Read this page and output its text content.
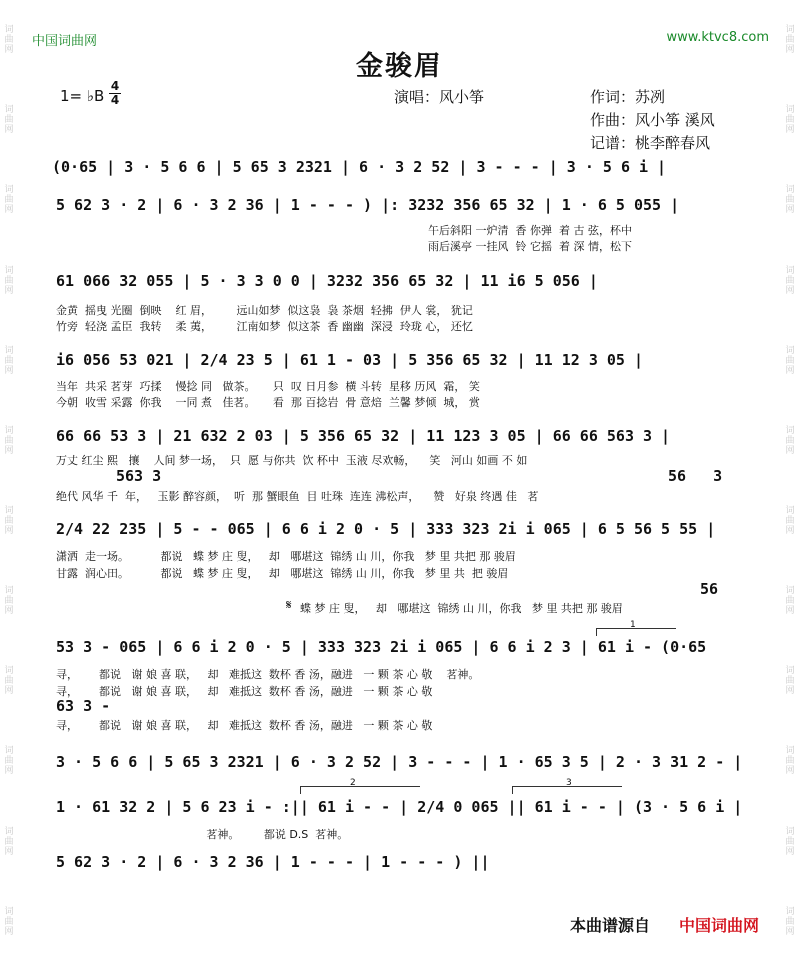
词
曲
网
词
曲
网
词
曲
网
词
曲
网
词
曲
网
词
曲
网
词
曲
网
词
曲
网
词
曲
网
词
曲
网
词
曲
网
词
曲
网
词
曲
网
词
曲
网
词
曲
网
词
曲
网
词
曲
网
词
曲
网
词
曲
网
词
曲
网
词
曲
网
词
曲
网
词
曲
网
词
曲
网
中国词曲网	www.ktvc8.com
金骏眉
1= ♭B
4
4	演唱：风小筝	作词：苏冽
作曲：风小筝 溪风
记谱：桃李醉春风
(0·65 | 3 · 5 6 6 | 5 65 3 2321 | 6 · 3 2 52 | 3 - - - | 3 · 5 6 i |
5 62 3 · 2 | 6 · 3 2 36 | 1 - - - ) |: 3232 356 65 32 | 1 · 6 5 055 |
午后斜阳 一炉清  香 你弹  着 古 弦，杯中
雨后溪亭 一挂风  铃 它摇  着 深 情，松下
61 066 32 055 | 5 · 3 3 0 0 | 3232 356 65 32 | 11 i6 5 056 |
金黄  摇曳 光圈  倒映    红 眉，       远山如梦  似这袅  袅 茶烟  轻拂  伊人 裳， 犹记
竹旁  轻浇 孟臣  我转    柔 荑，       江南如梦  似这茶  香 幽幽  深浸  玲珑 心， 还忆
i6 056 53 021 | 2/4 23 5 | 61 1 - 03 | 5 356 65 32 | 11 12 3 05 |
当年  共采 茗芽  巧揉    慢捻 同   做茶。     只  叹 日月参  横 斗转  星移 历风  霜， 笑
今朝  收雪 采露  你我    一同 煮   佳茗。     看  那 百捻岩  骨 意焙  兰馨 梦倾  城， 赏
66 66 53 3 | 21 632 2 03 | 5 356 65 32 | 11 123 3 05 | 66 66 563 3 |
万丈 红尘 熙   攘    人间 梦一场，  只  愿 与你共  饮 杯中  玉液 尽欢畅，    笑   河山 如画 不 如
563 3	56   3
绝代 风华 千  年，   玉影 醉容颜，  听  那 蟹眼鱼  目 吐珠  连连 沸松声，    赞   好泉 终遇 佳   茗
2/4 22 235 | 5 - - 065 | 6 6 i 2 0 · 5 | 333 323 2i i 065 | 6 5 56 5 55 |
潇洒  走一场。         都说   蝶 梦 庄 叟，   却   哪堪这  锦绣 山 川，你我   梦 里 共把 那 骏眉
甘露  润心田。         都说   蝶 梦 庄 叟，   却   哪堪这  锦绣 山 川，你我   梦 里 共  把 骏眉
56
𝄋 蝶 梦 庄 叟，   却   哪堪这  锦绣 山 川，你我   梦 里 共把 那 骏眉
1
53 3 - 065 | 6 6 i 2 0 · 5 | 333 323 2i i 065 | 6 6 i 2 3 | 61 i - (0·65
寻，      都说   谢 娘 喜 联，   却   难抵这  数杯 香 汤，融进   一 颗 茶 心 敬    茗神。
寻，      都说   谢 娘 喜 联，   却   难抵这  数杯 香 汤，融进   一 颗 茶 心 敬
63 3 -
寻，      都说   谢 娘 喜 联，   却   难抵这  数杯 香 汤，融进   一 颗 茶 心 敬
3 · 5 6 6 | 5 65 3 2321 | 6 · 3 2 52 | 3 - - - | 1 · 65 3 5 | 2 · 3 31 2 - |
2	3
1 · 61 32 2 | 5 6 23 i - :|| 61 i - - | 2/4 0 065 || 61 i - - | (3 · 5 6 i |
茗神。       都说 D.S  茗神。
5 62 3 · 2 | 6 · 3 2 36 | 1 - - - | 1 - - - ) ||
本曲谱源自 中国词曲网
